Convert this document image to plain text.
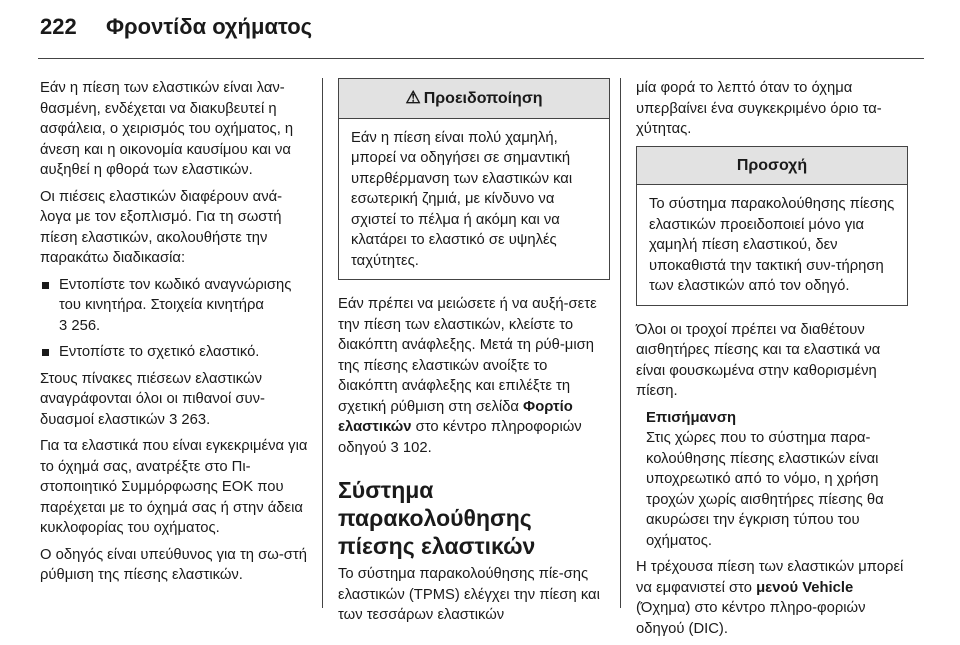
222 Φροντίδα οχήματος

Εάν η πίεση των ελαστικών είναι λαν-θασμένη, ενδέχεται να διακυβευτεί η ασφάλεια, ο χειρισμός του οχήματος, η άνεση και η οικονομία καυσίμου και να αυξηθεί η φθορά των ελαστικών.

Οι πιέσεις ελαστικών διαφέρουν ανά-λογα με τον εξοπλισμό. Για τη σωστή πίεση ελαστικών, ακολουθήστε την παρακάτω διαδικασία:

Εντοπίστε τον κωδικό αναγνώρισης του κινητήρα. Στοιχεία κινητήρα
3 256.
Εντοπίστε το σχετικό ελαστικό.

Στους πίνακες πιέσεων ελαστικών αναγράφονται όλοι οι πιθανοί συν-δυασμοί ελαστικών 3 263.

Για τα ελαστικά που είναι εγκεκριμένα για το όχημά σας, ανατρέξτε στο Πι-στοποιητικό Συμμόρφωσης ΕΟΚ που παρέχεται με το όχημά σας ή στην άδεια κυκλοφορίας του οχήματος.

Ο οδηγός είναι υπεύθυνος για τη σω-στή ρύθμιση της πίεσης ελαστικών.

⚠ Προειδοποίηση
Εάν η πίεση είναι πολύ χαμηλή, μπορεί να οδηγήσει σε σημαντική υπερθέρμανση των ελαστικών και εσωτερική ζημιά, με κίνδυνο να σχιστεί το πέλμα ή ακόμη και να κλατάρει το ελαστικό σε υψηλές ταχύτητες.

Εάν πρέπει να μειώσετε ή να αυξή-σετε την πίεση των ελαστικών, κλείστε το διακόπτη ανάφλεξης. Μετά τη ρύθ-μιση της πίεσης ελαστικών ανοίξτε το διακόπτη ανάφλεξης και επιλέξτε τη σχετική ρύθμιση στη σελίδα Φορτίο ελαστικών στο κέντρο πληροφοριών οδηγού 3 102.

Σύστημα παρακολούθησης πίεσης ελαστικών

Το σύστημα παρακολούθησης πίε-σης ελαστικών (TPMS) ελέγχει την πίεση και των τεσσάρων ελαστικών

μία φορά το λεπτό όταν το όχημα υπερβαίνει ένα συγκεκριμένο όριο τα-χύτητας.

Προσοχή
Το σύστημα παρακολούθησης πίεσης ελαστικών προειδοποιεί μόνο για χαμηλή πίεση ελαστικού, δεν υποκαθιστά την τακτική συν-τήρηση των ελαστικών από τον οδηγό.

Όλοι οι τροχοί πρέπει να διαθέτουν αισθητήρες πίεσης και τα ελαστικά να είναι φουσκωμένα στην καθορισμένη πίεση.

Επισήμανση
Στις χώρες που το σύστημα παρα-κολούθησης πίεσης ελαστικών είναι υποχρεωτικό από το νόμο, η χρήση τροχών χωρίς αισθητήρες πίεσης θα ακυρώσει την έγκριση τύπου του οχήματος.

Η τρέχουσα πίεση των ελαστικών μπορεί να εμφανιστεί στο μενού Vehicle (Όχημα) στο κέντρο πληρο-φοριών οδηγού (DIC).
